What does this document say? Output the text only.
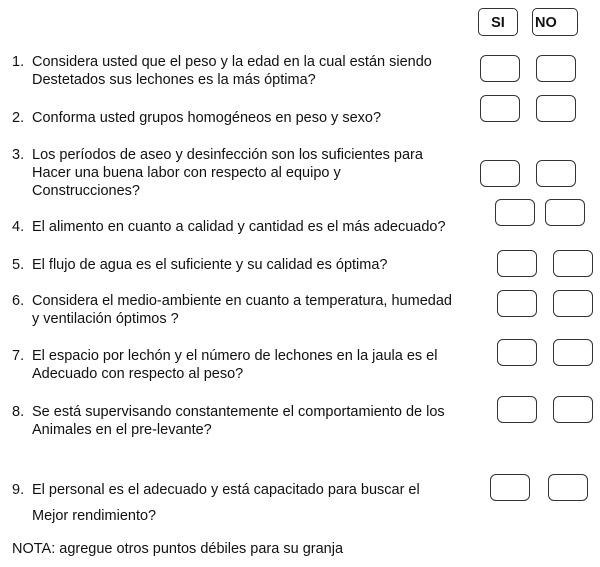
SI	NO
1. Considera usted que el peso y la edad en la cual están siendo
Destetados sus lechones es la más óptima?
2. Conforma usted grupos homogéneos en peso y sexo?
3. Los períodos de aseo y desinfección son los suficientes para
Hacer una buena labor con respecto al equipo y
Construcciones?
4. El alimento en cuanto a calidad y cantidad es el más adecuado?
5. El flujo de agua es el suficiente y su calidad es óptima?
6. Considera el medio-ambiente en cuanto a temperatura, humedad
y ventilación óptimos ?
7. El espacio por lechón y el número de lechones en la jaula es el
Adecuado con respecto al peso?
8. Se está supervisando constantemente el comportamiento de los
Animales en el pre-levante?
9. El personal es el adecuado y está capacitado para buscar el
Mejor rendimiento?
NOTA: agregue otros puntos débiles para su granja
